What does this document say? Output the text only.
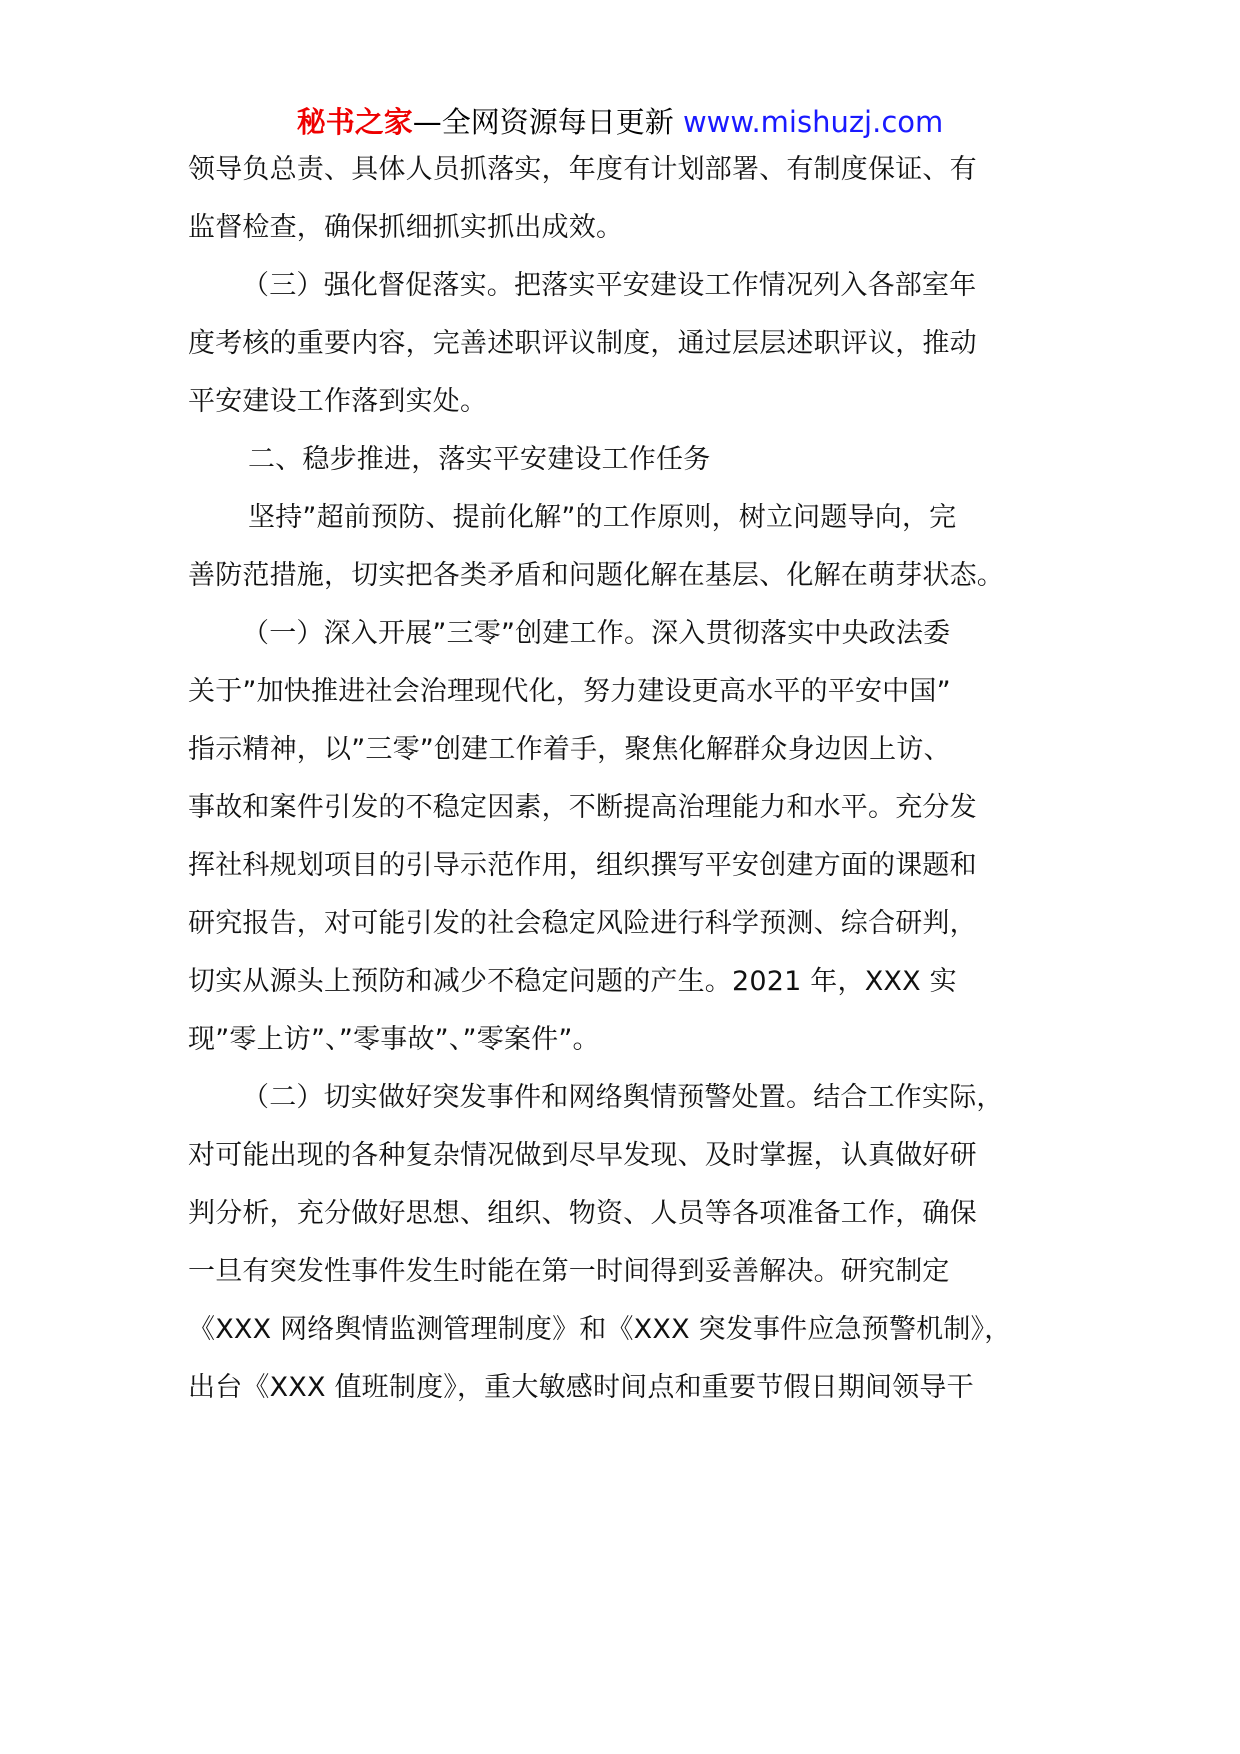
秘书之家—全网资源每日更新 www.mishuzj.com
领导负总责、具体人员抓落实，年度有计划部署、有制度保证、有
监督检查，确保抓细抓实抓出成效。
（三）强化督促落实。把落实平安建设工作情况列入各部室年
度考核的重要内容，完善述职评议制度，通过层层述职评议，推动
平安建设工作落到实处。
二、稳步推进，落实平安建设工作任务
坚持”超前预防、提前化解”的工作原则，树立问题导向，完
善防范措施，切实把各类矛盾和问题化解在基层、化解在萌芽状态。
（一）深入开展”三零”创建工作。深入贯彻落实中央政法委
关于”加快推进社会治理现代化，努力建设更高水平的平安中国”
指示精神，以”三零”创建工作着手，聚焦化解群众身边因上访、
事故和案件引发的不稳定因素，不断提高治理能力和水平。充分发
挥社科规划项目的引导示范作用，组织撰写平安创建方面的课题和
研究报告，对可能引发的社会稳定风险进行科学预测、综合研判，
切实从源头上预防和减少不稳定问题的产生。2021 年，XXX 实
现”零上访”、”零事故”、”零案件”。
（二）切实做好突发事件和网络舆情预警处置。结合工作实际，
对可能出现的各种复杂情况做到尽早发现、及时掌握，认真做好研
判分析，充分做好思想、组织、物资、人员等各项准备工作，确保
一旦有突发性事件发生时能在第一时间得到妥善解决。研究制定
《XXX 网络舆情监测管理制度》和《XXX 突发事件应急预警机制》，
出台《XXX 值班制度》，重大敏感时间点和重要节假日期间领导干
